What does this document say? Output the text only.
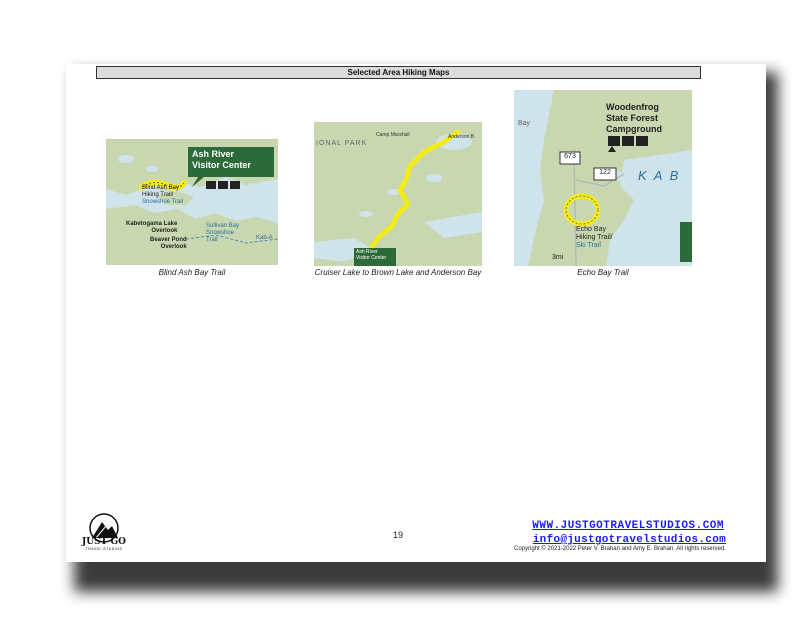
Selected Area Hiking Maps
Ash River
Visitor Center
Blind Ash Bay
Hiking Trail/
Snowshoe Trail
Kabetogama Lake
Overlook
Beaver Pond
Overlook
Sullivan Bay
Snowshoe
Trail	Kab-A
Blind Ash Bay Trail
IONAL PARK
Camp Marshall	Anderson B
Ash River
Visitor Center
Cruiser Lake to Brown Lake and Anderson Bay
Woodenfrog
State Forest
Campground
Bay
673
122	K A B
Echo Bay
Hiking Trail/
Ski Trail
3mi
Echo Bay Trail
JUST GO
TRAVEL STUDIOS
19
WWW.JUSTGOTRAVELSTUDIOS.COM
info@justgotravelstudios.com
Copyright © 2021-2022 Peter V. Brahan and Amy E. Brahan. All rights reserved.
